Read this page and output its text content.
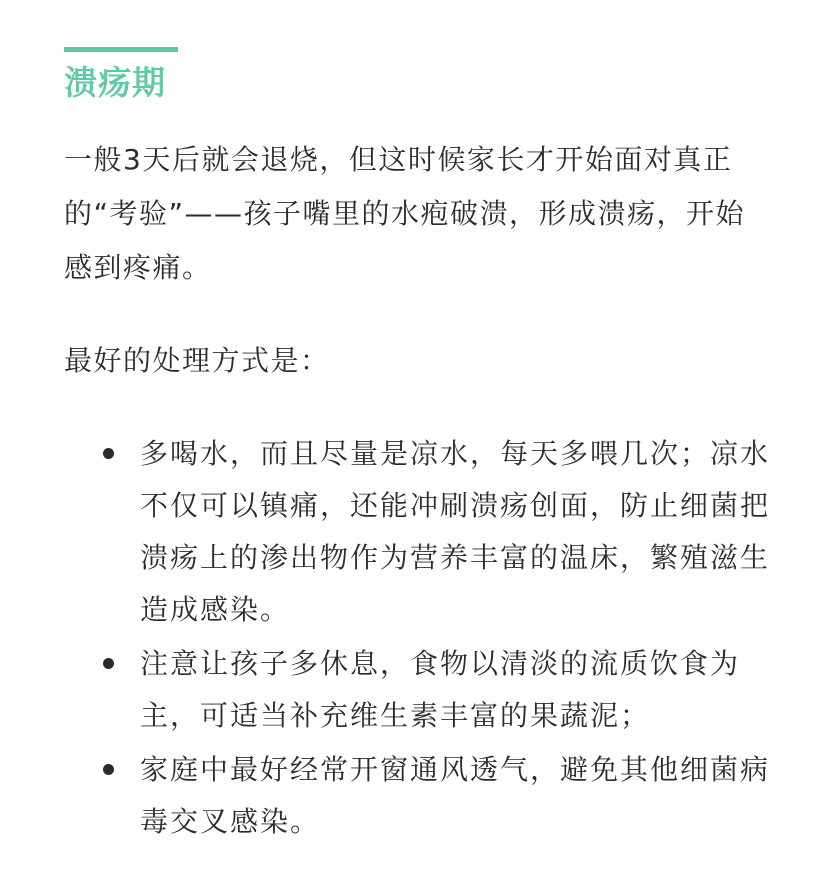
溃疡期

一般3天后就会退烧，但这时候家长才开始面对真正的“考验”——孩子嘴里的水疱破溃，形成溃疡，开始感到疼痛。

最好的处理方式是：

多喝水，而且尽量是凉水，每天多喂几次；凉水不仅可以镇痛，还能冲刷溃疡创面，防止细菌把溃疡上的渗出物作为营养丰富的温床，繁殖滋生造成感染。
注意让孩子多休息，食物以清淡的流质饮食为主，可适当补充维生素丰富的果蔬泥；
家庭中最好经常开窗通风透气，避免其他细菌病毒交叉感染。
